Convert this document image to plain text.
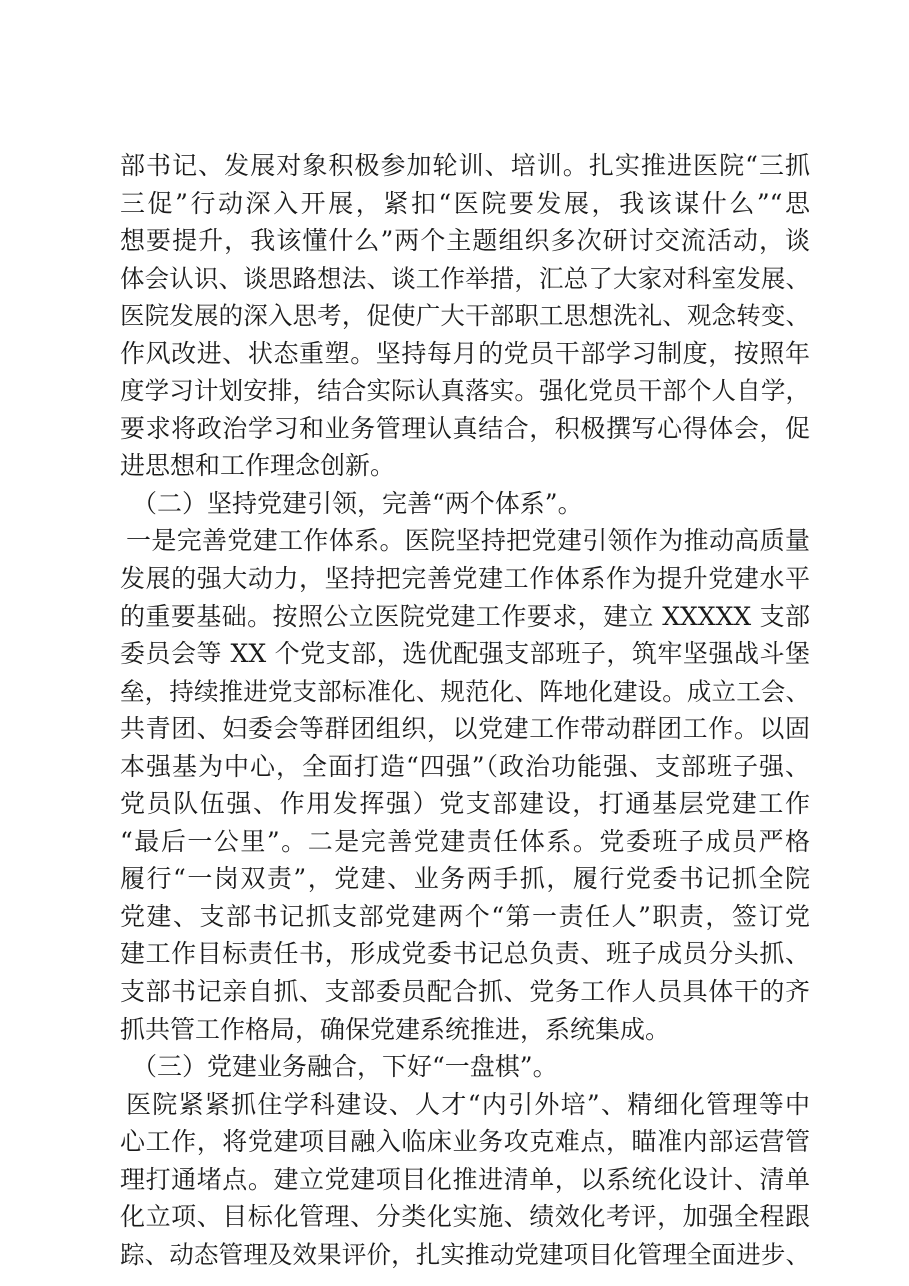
部书记、发展对象积极参加轮训、培训。扎实推进医院“三抓
三促”行动深入开展，紧扣“医院要发展，我该谋什么”“思
想要提升，我该懂什么”两个主题组织多次研讨交流活动，谈
体会认识、谈思路想法、谈工作举措，汇总了大家对科室发展、
医院发展的深入思考，促使广大干部职工思想洗礼、观念转变、
作风改进、状态重塑。坚持每月的党员干部学习制度，按照年
度学习计划安排，结合实际认真落实。强化党员干部个人自学，
要求将政治学习和业务管理认真结合，积极撰写心得体会，促
进思想和工作理念创新。
（二）坚持党建引领，完善“两个体系”。
一是完善党建工作体系。医院坚持把党建引领作为推动高质量
发展的强大动力，坚持把完善党建工作体系作为提升党建水平
的重要基础。按照公立医院党建工作要求，建立 XXXXX 支部
委员会等 XX 个党支部，选优配强支部班子，筑牢坚强战斗堡
垒，持续推进党支部标准化、规范化、阵地化建设。成立工会、
共青团、妇委会等群团组织，以党建工作带动群团工作。以固
本强基为中心，全面打造“四强”（政治功能强、支部班子强、
党员队伍强、作用发挥强）党支部建设，打通基层党建工作
“最后一公里”。二是完善党建责任体系。党委班子成员严格
履行“一岗双责”，党建、业务两手抓，履行党委书记抓全院
党建、支部书记抓支部党建两个“第一责任人”职责，签订党
建工作目标责任书，形成党委书记总负责、班子成员分头抓、
支部书记亲自抓、支部委员配合抓、党务工作人员具体干的齐
抓共管工作格局，确保党建系统推进，系统集成。
（三）党建业务融合，下好“一盘棋”。
医院紧紧抓住学科建设、人才“内引外培”、精细化管理等中
心工作，将党建项目融入临床业务攻克难点，瞄准内部运营管
理打通堵点。建立党建项目化推进清单，以系统化设计、清单
化立项、目标化管理、分类化实施、绩效化考评，加强全程跟
踪、动态管理及效果评价，扎实推动党建项目化管理全面进步、
